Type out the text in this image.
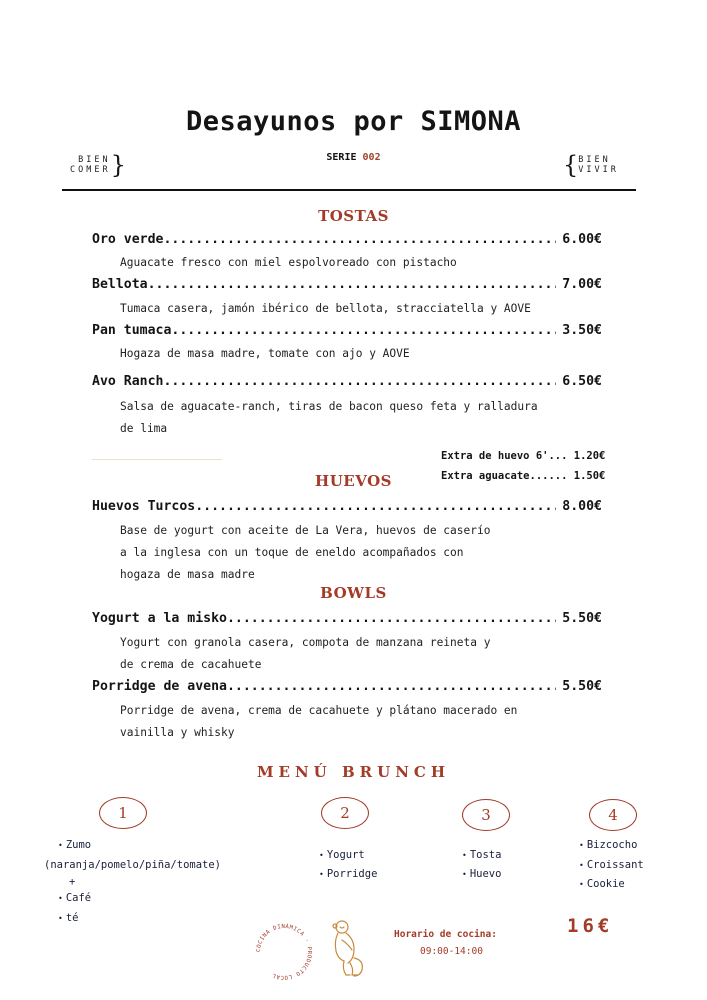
Desayunos por SIMONA
BIEN
COMER }	SERIE 002	{ BIEN
VIVIR
TOSTAS
Oro verde .....	6.00€
Aguacate fresco con miel espolvoreado con pistacho
Bellota .....	7.00€
Tumaca casera, jamón ibérico de bellota, stracciatella y AOVE
Pan tumaca .....	3.50€
Hogaza de masa madre, tomate con ajo y AOVE
Avo Ranch .....	6.50€
Salsa de aguacate-ranch, tiras de bacon queso feta y ralladura
de lima
Extra de huevo 6'... 1.20€
Extra aguacate...... 1.50€
HUEVOS
Huevos Turcos .....	8.00€
Base de yogurt con aceite de La Vera, huevos de caserío
a la inglesa con un toque de eneldo acompañados con
hogaza de masa madre
BOWLS
Yogurt a la misko .....	5.50€
Yogurt con granola casera, compota de manzana reineta y
de crema de cacahuete
Porridge de avena .....	5.50€
Porridge de avena, crema de cacahuete y plátano macerado en
vainilla y whisky
MENÚ BRUNCH
1	2	3	4
• Zumo
(naranja/pomelo/piña/tomate)
+
• Café
• té
• Yogurt
• Porridge
• Tosta
• Huevo
• Bizcocho
• Croissant
• Cookie
16€
COCINA DINÁMICA · PRODUCTO LOCAL
Horario de cocina:
09:00-14:00
